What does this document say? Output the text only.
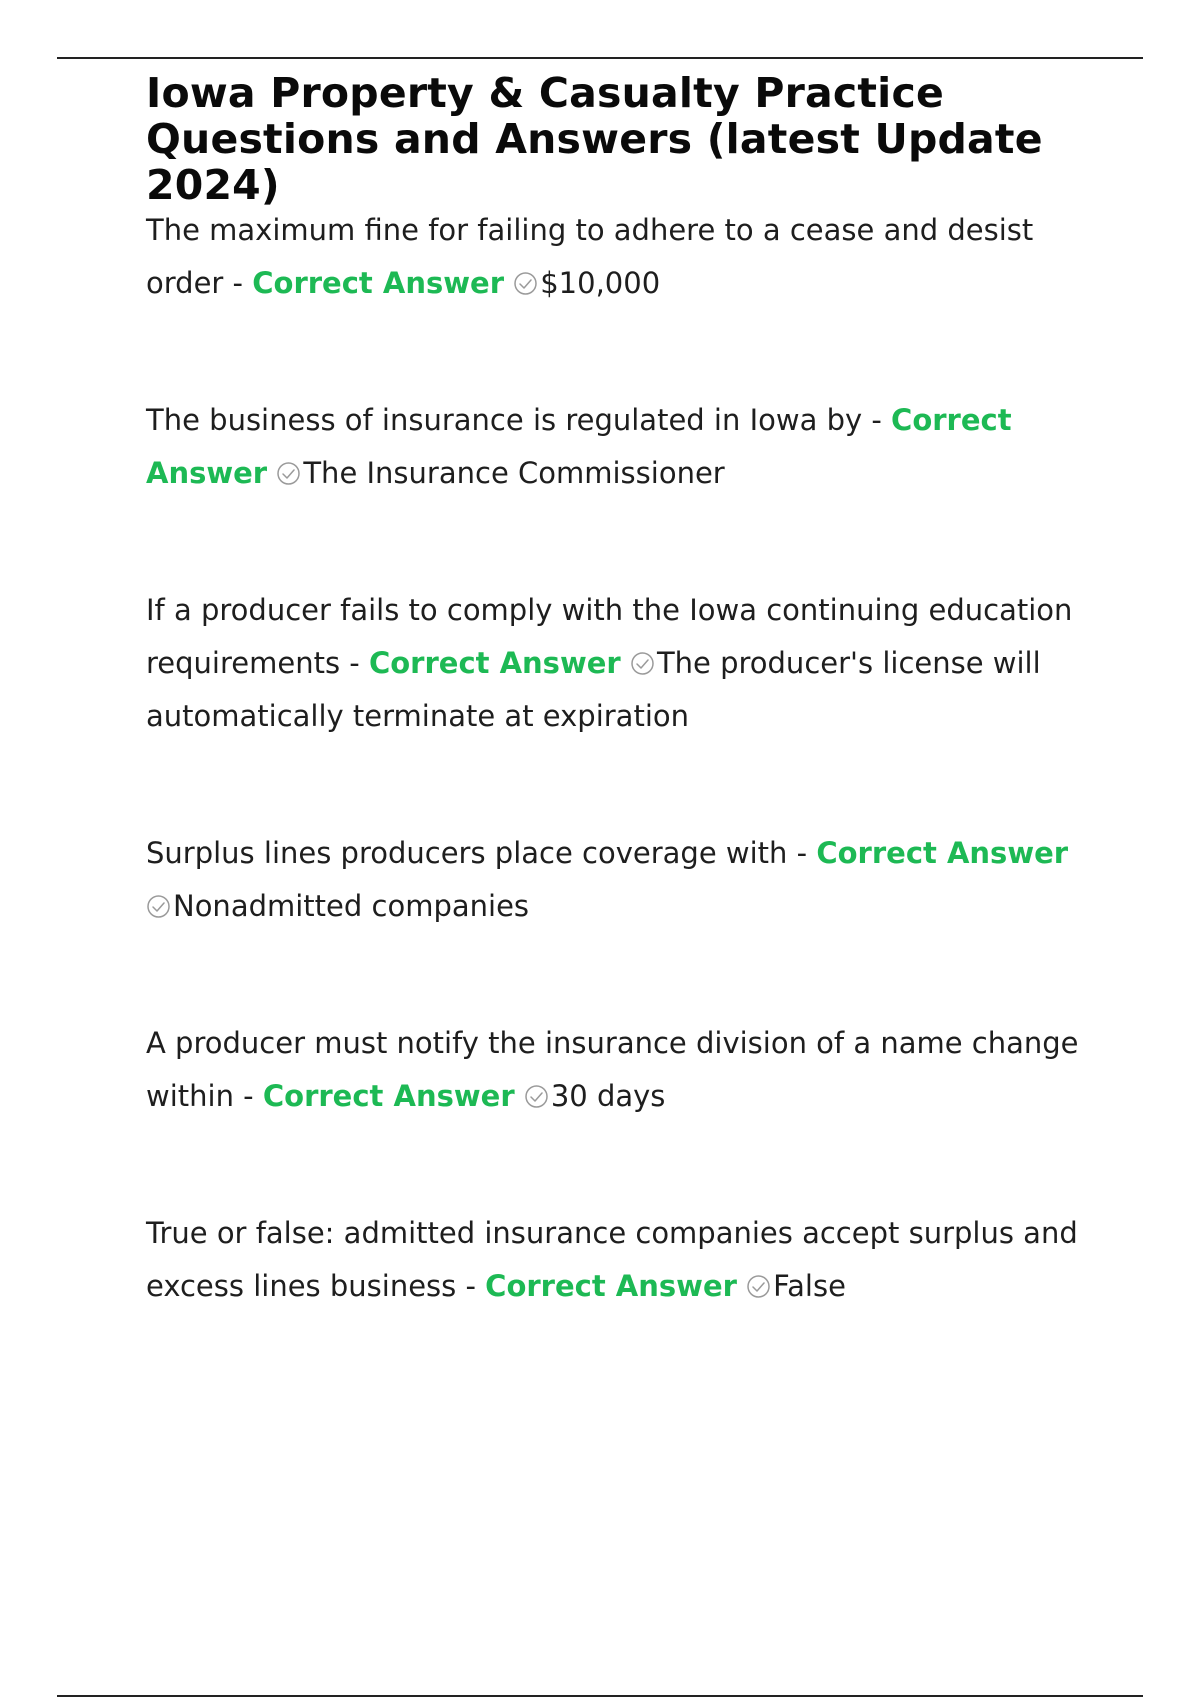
Iowa Property & Casualty Practice Questions and Answers (latest Update 2024)
The maximum fine for failing to adhere to a cease and desist order - Correct Answer $10,000
The business of insurance is regulated in Iowa by - Correct Answer The Insurance Commissioner
If a producer fails to comply with the Iowa continuing education requirements - Correct Answer The producer's license will automatically terminate at expiration
Surplus lines producers place coverage with - Correct Answer
Nonadmitted companies
A producer must notify the insurance division of a name change within - Correct Answer 30 days
True or false: admitted insurance companies accept surplus and excess lines business - Correct Answer False
